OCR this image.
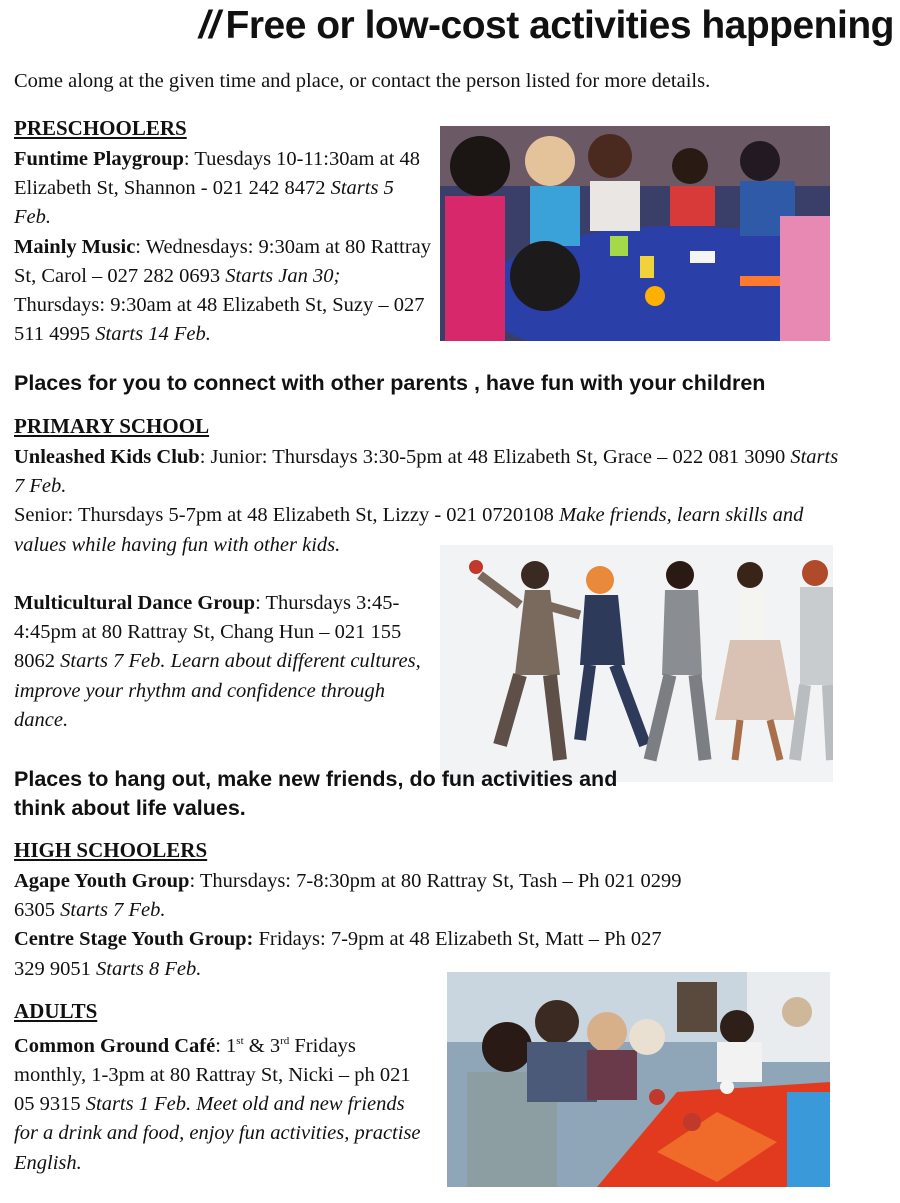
// Free or low-cost activities happening
Come along at the given time and place, or contact the person listed for more details.
PRESCHOOLERS
Funtime Playgroup: Tuesdays 10-11:30am at 48 Elizabeth St, Shannon - 021 242 8472 Starts 5 Feb.
Mainly Music: Wednesdays: 9:30am at 80 Rattray St, Carol – 027 282 0693 Starts Jan 30; Thursdays: 9:30am at 48 Elizabeth St, Suzy – 027 511 4995 Starts 14 Feb.
Places for you to connect with other parents , have fun with your children
PRIMARY SCHOOL
Unleashed Kids Club: Junior: Thursdays 3:30-5pm at 48 Elizabeth St, Grace – 022 081 3090 Starts 7 Feb.
Senior: Thursdays 5-7pm at 48 Elizabeth St, Lizzy - 021 0720108 Make friends, learn skills and values while having fun with other kids.
Multicultural Dance Group: Thursdays 3:45-4:45pm at 80 Rattray St, Chang Hun – 021 155 8062 Starts 7 Feb. Learn about different cultures, improve your rhythm and confidence through dance.
Places to hang out, make new friends, do fun activities and think about life values.
HIGH SCHOOLERS
Agape Youth Group: Thursdays: 7-8:30pm at 80 Rattray St, Tash – Ph 021 0299 6305 Starts 7 Feb.
Centre Stage Youth Group: Fridays: 7-9pm at 48 Elizabeth St, Matt – Ph 027 329 9051 Starts 8 Feb.
ADULTS
Common Ground Café: 1st & 3rd Fridays monthly, 1-3pm at 80 Rattray St, Nicki – ph 021 05 9315 Starts 1 Feb. Meet old and new friends for a drink and food, enjoy fun activities, practise English.
